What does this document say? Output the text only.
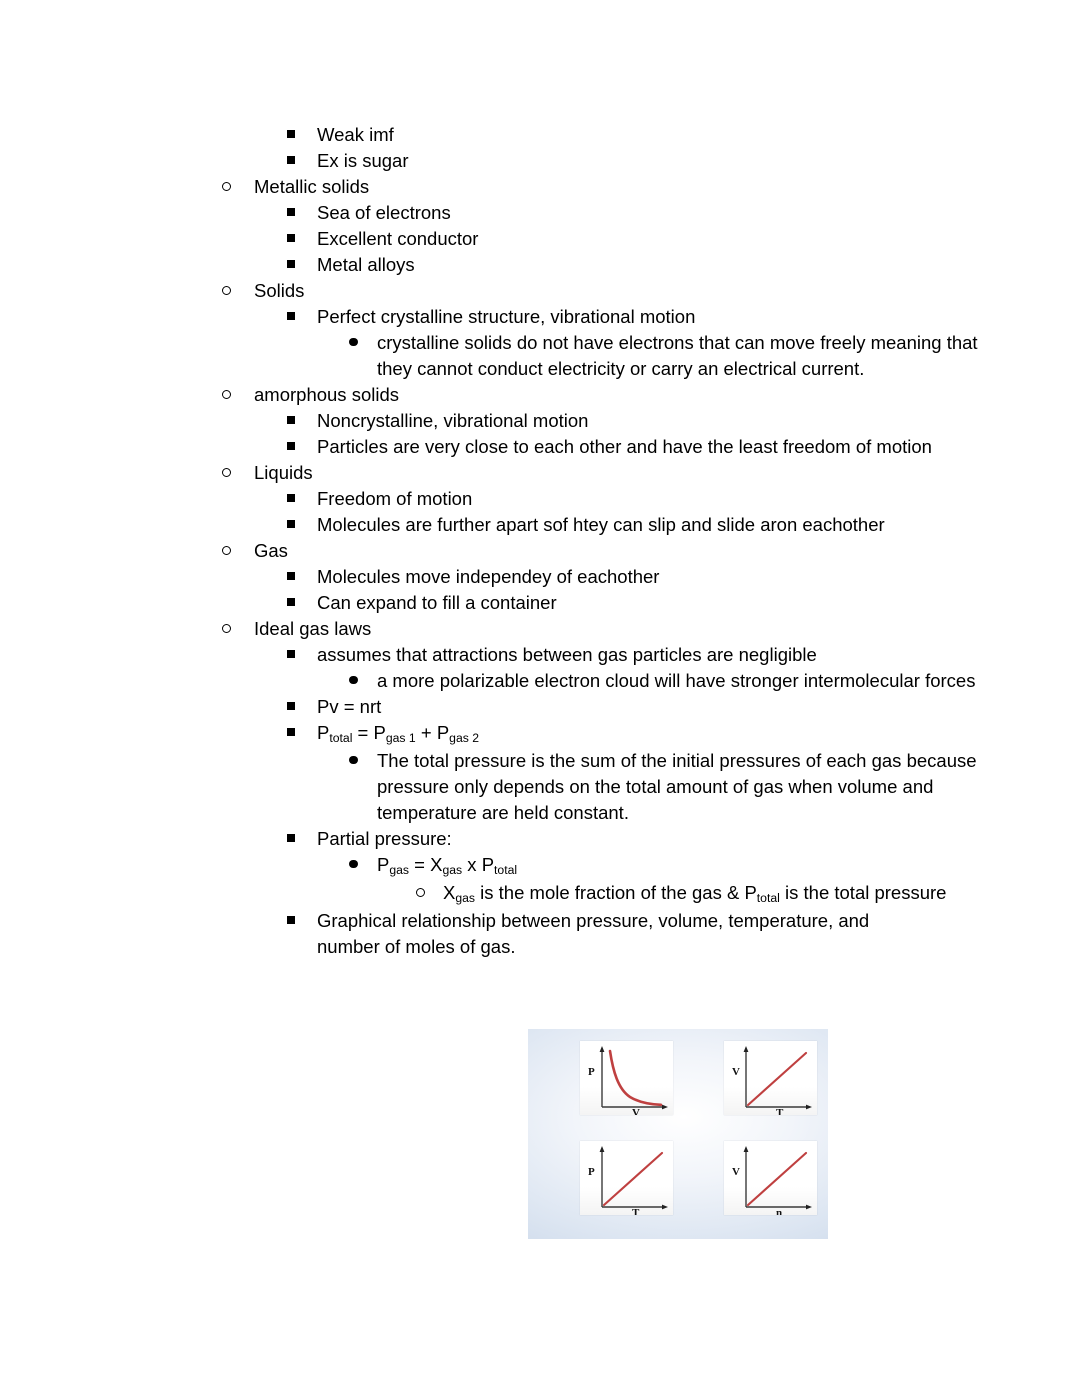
Weak imf
Ex is sugar
Metallic solids
Sea of electrons
Excellent conductor
Metal alloys
Solids
Perfect crystalline structure, vibrational motion
crystalline solids do not have electrons that can move freely meaning that they cannot conduct electricity or carry an electrical current.
amorphous solids
Noncrystalline, vibrational motion
Particles are very close to each other and have the least freedom of motion
Liquids
Freedom of motion
Molecules are further apart sof htey can slip and slide aron eachother
Gas
Molecules move independey of eachother
Can expand to fill a container
Ideal gas laws
assumes that attractions between gas particles are negligible
a more polarizable electron cloud will have stronger intermolecular forces
Pv = nrt
$P_{total} = P_{gas 1} + P_{gas 2}$
The total pressure is the sum of the initial pressures of each gas because pressure only depends on the total amount of gas when volume and temperature are held constant.
Partial pressure:
$P_{gas} = X_{gas}$ x $P_{total}$
$X_{gas}$ is the mole fraction of the gas & $P_{total}$ is the total pressure
Graphical relationship between pressure, volume, temperature, and number of moles of gas.
P
V
V
T
P
T
V
n
